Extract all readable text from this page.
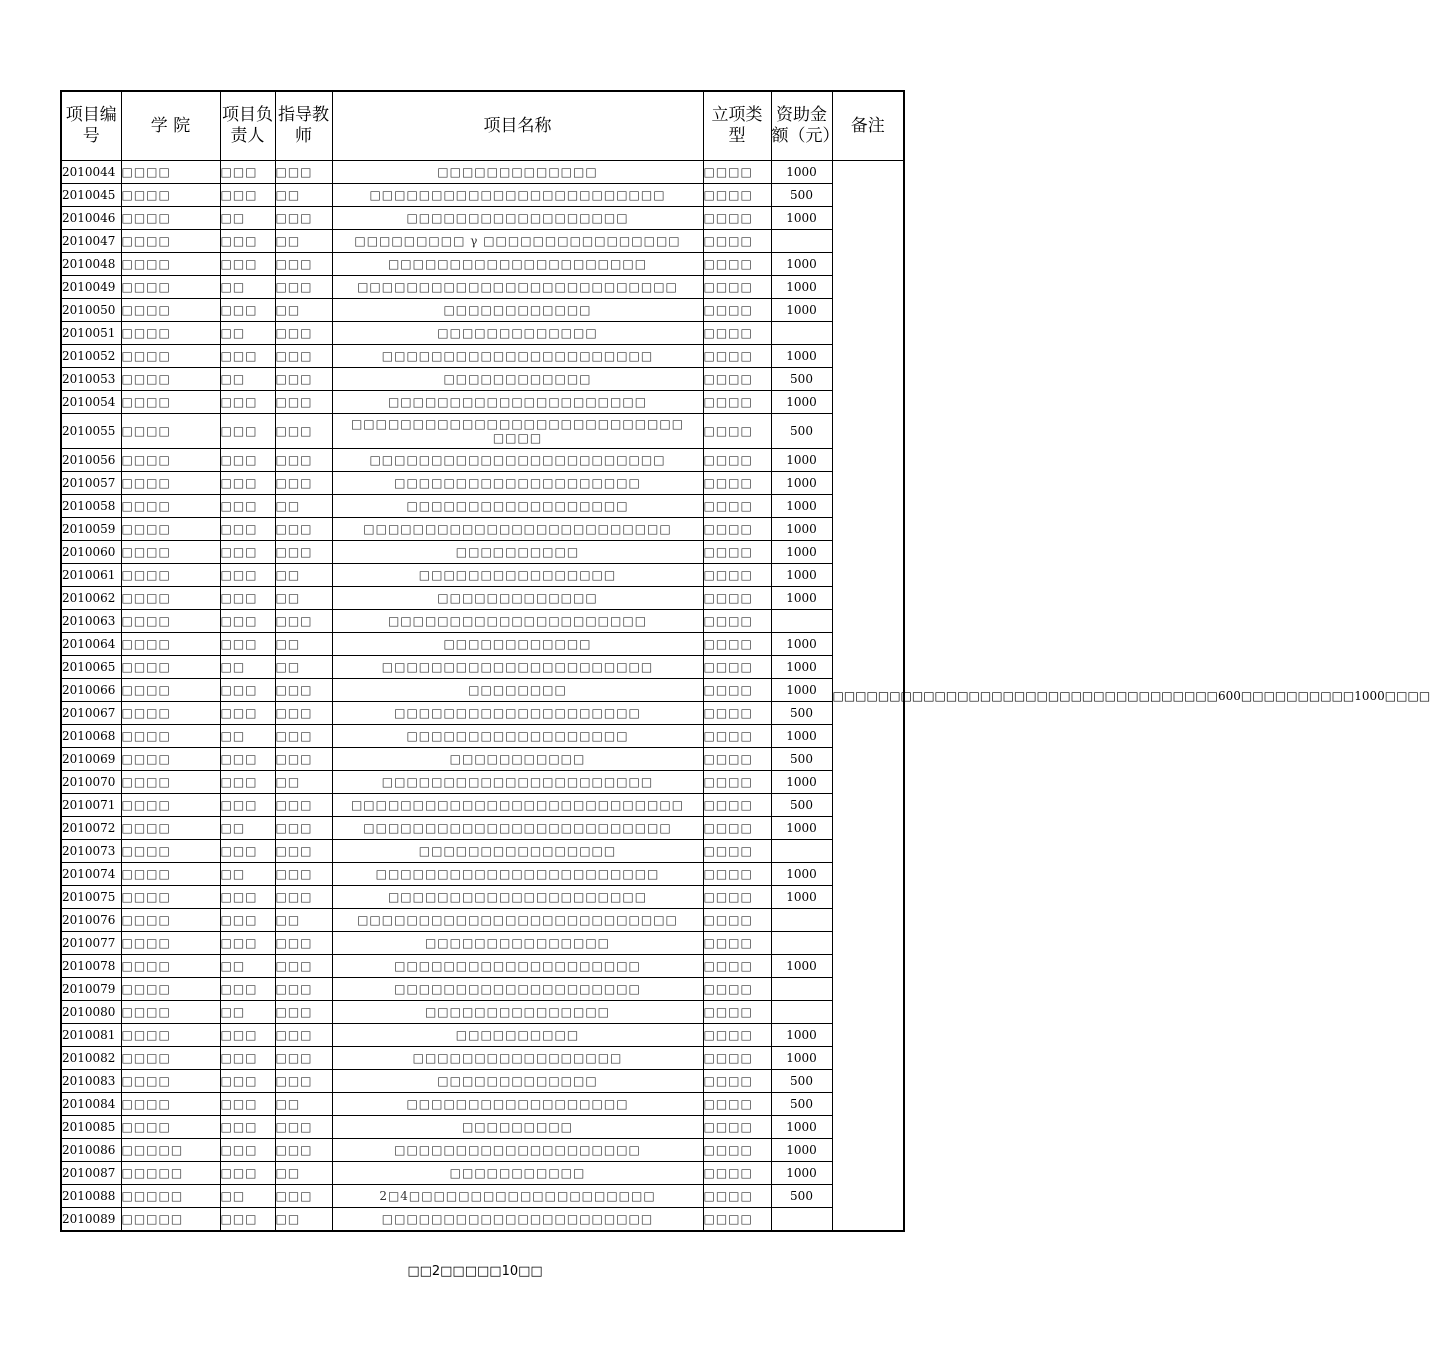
项目编号	学 院	项目负责人	指导教师	项目名称	立项类型	资助金额（元）	备注
2010044	□□□□	□□□	□□□	□□□□□□□□□□□□□	□□□□	1000	□□□□□□□□□□□□□□□□□□□□□□□□□□□□□□□□□□600□□□□□□□□□□1000□□□□
2010045	□□□□	□□□	□□	□□□□□□□□□□□□□□□□□□□□□□□□	□□□□	500	
2010046	□□□□	□□	□□□	□□□□□□□□□□□□□□□□□□	□□□□	1000	
2010047	□□□□	□□□	□□	□□□□□□□□□ γ □□□□□□□□□□□□□□□□	□□□□		
2010048	□□□□	□□□	□□□	□□□□□□□□□□□□□□□□□□□□□	□□□□	1000	
2010049	□□□□	□□	□□□	□□□□□□□□□□□□□□□□□□□□□□□□□□	□□□□	1000	
2010050	□□□□	□□□	□□	□□□□□□□□□□□□	□□□□	1000	
2010051	□□□□	□□	□□□	□□□□□□□□□□□□□	□□□□		
2010052	□□□□	□□□	□□□	□□□□□□□□□□□□□□□□□□□□□□	□□□□	1000	
2010053	□□□□	□□	□□□	□□□□□□□□□□□□	□□□□	500	
2010054	□□□□	□□□	□□□	□□□□□□□□□□□□□□□□□□□□□	□□□□	1000	
2010055	□□□□	□□□	□□□	□□□□□□□□□□□□□□□□□□□□□□□□□□□ □□□□	□□□□	500	
2010056	□□□□	□□□	□□□	□□□□□□□□□□□□□□□□□□□□□□□□	□□□□	1000	
2010057	□□□□	□□□	□□□	□□□□□□□□□□□□□□□□□□□□	□□□□	1000	
2010058	□□□□	□□□	□□	□□□□□□□□□□□□□□□□□□	□□□□	1000	
2010059	□□□□	□□□	□□□	□□□□□□□□□□□□□□□□□□□□□□□□□	□□□□	1000	
2010060	□□□□	□□□	□□□	□□□□□□□□□□	□□□□	1000	
2010061	□□□□	□□□	□□	□□□□□□□□□□□□□□□□	□□□□	1000	
2010062	□□□□	□□□	□□	□□□□□□□□□□□□□	□□□□	1000	
2010063	□□□□	□□□	□□□	□□□□□□□□□□□□□□□□□□□□□	□□□□		
2010064	□□□□	□□□	□□	□□□□□□□□□□□□	□□□□	1000	
2010065	□□□□	□□	□□	□□□□□□□□□□□□□□□□□□□□□□	□□□□	1000	
2010066	□□□□	□□□	□□□	□□□□□□□□	□□□□	1000	
2010067	□□□□	□□□	□□□	□□□□□□□□□□□□□□□□□□□□	□□□□	500	
2010068	□□□□	□□	□□□	□□□□□□□□□□□□□□□□□□	□□□□	1000	
2010069	□□□□	□□□	□□□	□□□□□□□□□□□	□□□□	500	
2010070	□□□□	□□□	□□	□□□□□□□□□□□□□□□□□□□□□□	□□□□	1000	
2010071	□□□□	□□□	□□□	□□□□□□□□□□□□□□□□□□□□□□□□□□□	□□□□	500	
2010072	□□□□	□□	□□□	□□□□□□□□□□□□□□□□□□□□□□□□□	□□□□	1000	
2010073	□□□□	□□□	□□□	□□□□□□□□□□□□□□□□	□□□□		
2010074	□□□□	□□	□□□	□□□□□□□□□□□□□□□□□□□□□□□	□□□□	1000	
2010075	□□□□	□□□	□□□	□□□□□□□□□□□□□□□□□□□□□	□□□□	1000	
2010076	□□□□	□□□	□□	□□□□□□□□□□□□□□□□□□□□□□□□□□	□□□□		
2010077	□□□□	□□□	□□□	□□□□□□□□□□□□□□□	□□□□		
2010078	□□□□	□□	□□□	□□□□□□□□□□□□□□□□□□□□	□□□□	1000	
2010079	□□□□	□□□	□□□	□□□□□□□□□□□□□□□□□□□□	□□□□		
2010080	□□□□	□□	□□□	□□□□□□□□□□□□□□□	□□□□		
2010081	□□□□	□□□	□□□	□□□□□□□□□□	□□□□	1000	
2010082	□□□□	□□□	□□□	□□□□□□□□□□□□□□□□□	□□□□	1000	
2010083	□□□□	□□□	□□□	□□□□□□□□□□□□□	□□□□	500	
2010084	□□□□	□□□	□□	□□□□□□□□□□□□□□□□□□	□□□□	500	
2010085	□□□□	□□□	□□□	□□□□□□□□□	□□□□	1000	
2010086	□□□□□	□□□	□□□	□□□□□□□□□□□□□□□□□□□□	□□□□	1000	
2010087	□□□□□	□□□	□□	□□□□□□□□□□□	□□□□	1000	
2010088	□□□□□	□□	□□□	2□4□□□□□□□□□□□□□□□□□□□□	□□□□	500	
2010089	□□□□□	□□□	□□	□□□□□□□□□□□□□□□□□□□□□□	□□□□		
□□2□□□□□10□□
